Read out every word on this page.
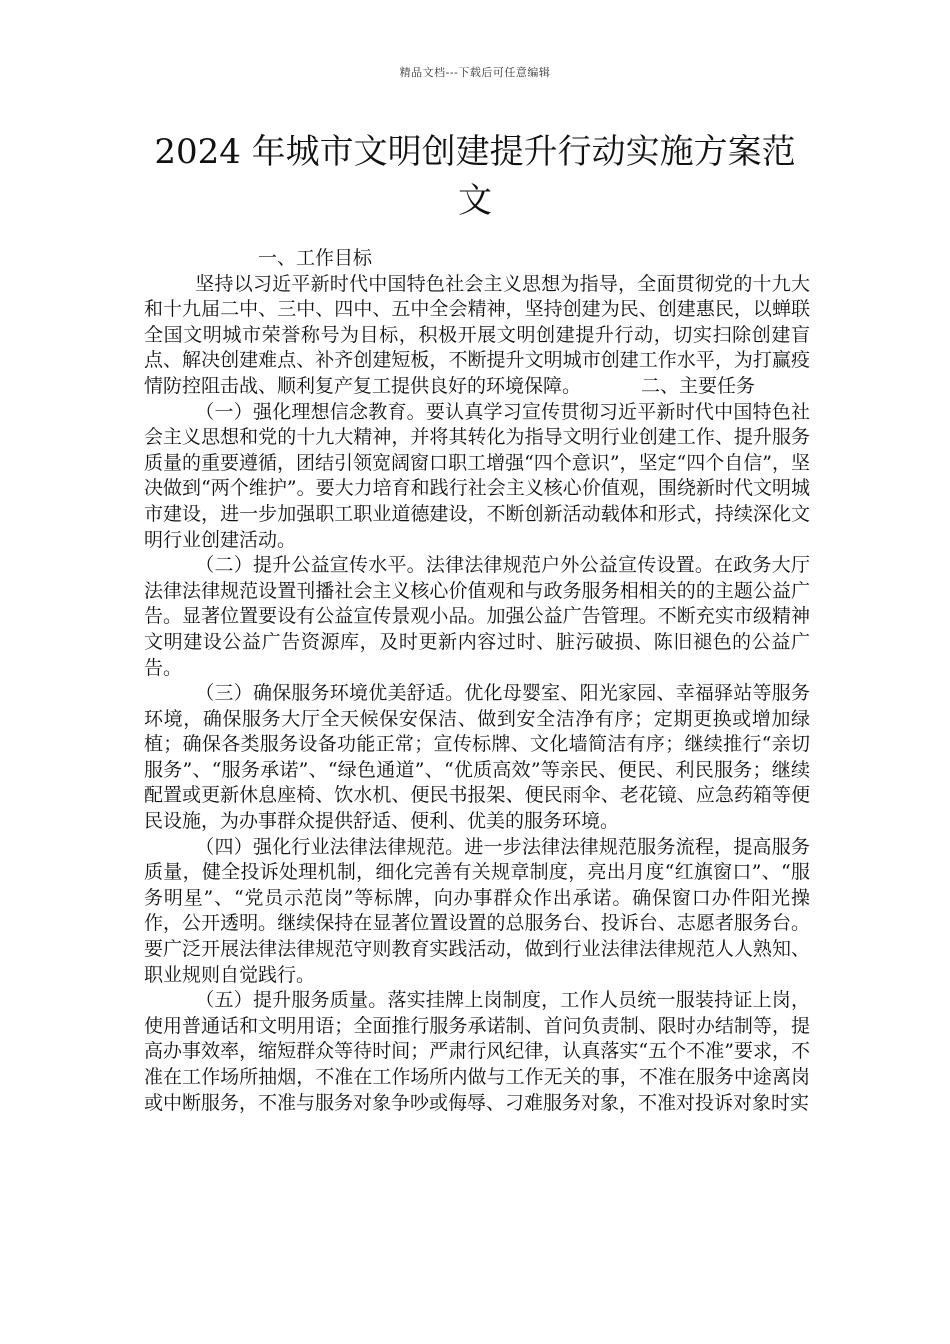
精品文档---下载后可任意编辑
2024 年城市文明创建提升行动实施方案范文

一、工作目标

坚持以习近平新时代中国特色社会主义思想为指导，全面贯彻党的十九大和十九届二中、三中、四中、五中全会精神，坚持创建为民、创建惠民，以蝉联全国文明城市荣誉称号为目标，积极开展文明创建提升行动，切实扫除创建盲点、解决创建难点、补齐创建短板，不断提升文明城市创建工作水平，为打赢疫情防控阻击战、顺利复产复工提供良好的环境保障。	二、主要任务

（一）强化理想信念教育。要认真学习宣传贯彻习近平新时代中国特色社会主义思想和党的十九大精神，并将其转化为指导文明行业创建工作、提升服务质量的重要遵循，团结引领宽阔窗口职工增强“四个意识”，坚定“四个自信”，坚决做到“两个维护”。要大力培育和践行社会主义核心价值观，围绕新时代文明城市建设，进一步加强职工职业道德建设，不断创新活动载体和形式，持续深化文明行业创建活动。

（二）提升公益宣传水平。法律法律规范户外公益宣传设置。在政务大厅法律法律规范设置刊播社会主义核心价值观和与政务服务相相关的的主题公益广告。显著位置要设有公益宣传景观小品。加强公益广告管理。不断充实市级精神文明建设公益广告资源库，及时更新内容过时、脏污破损、陈旧褪色的公益广告。

（三）确保服务环境优美舒适。优化母婴室、阳光家园、幸福驿站等服务环境，确保服务大厅全天候保安保洁、做到安全洁净有序；定期更换或增加绿植；确保各类服务设备功能正常；宣传标牌、文化墙简洁有序；继续推行“亲切服务”、“服务承诺”、“绿色通道”、“优质高效”等亲民、便民、利民服务；继续配置或更新休息座椅、饮水机、便民书报架、便民雨伞、老花镜、应急药箱等便民设施，为办事群众提供舒适、便利、优美的服务环境。

（四）强化行业法律法律规范。进一步法律法律规范服务流程，提高服务质量，健全投诉处理机制，细化完善有关规章制度，亮出月度“红旗窗口”、“服务明星”、“党员示范岗”等标牌，向办事群众作出承诺。确保窗口办件阳光操作，公开透明。继续保持在显著位置设置的总服务台、投诉台、志愿者服务台。要广泛开展法律法律规范守则教育实践活动，做到行业法律法律规范人人熟知、职业规则自觉践行。

（五）提升服务质量。落实挂牌上岗制度，工作人员统一服装持证上岗，使用普通话和文明用语；全面推行服务承诺制、首问负责制、限时办结制等，提高办事效率，缩短群众等待时间；严肃行风纪律，认真落实“五个不准”要求，不准在工作场所抽烟，不准在工作场所内做与工作无关的事，不准在服务中途离岗或中断服务，不准与服务对象争吵或侮辱、刁难服务对象，不准对投诉对象时实
